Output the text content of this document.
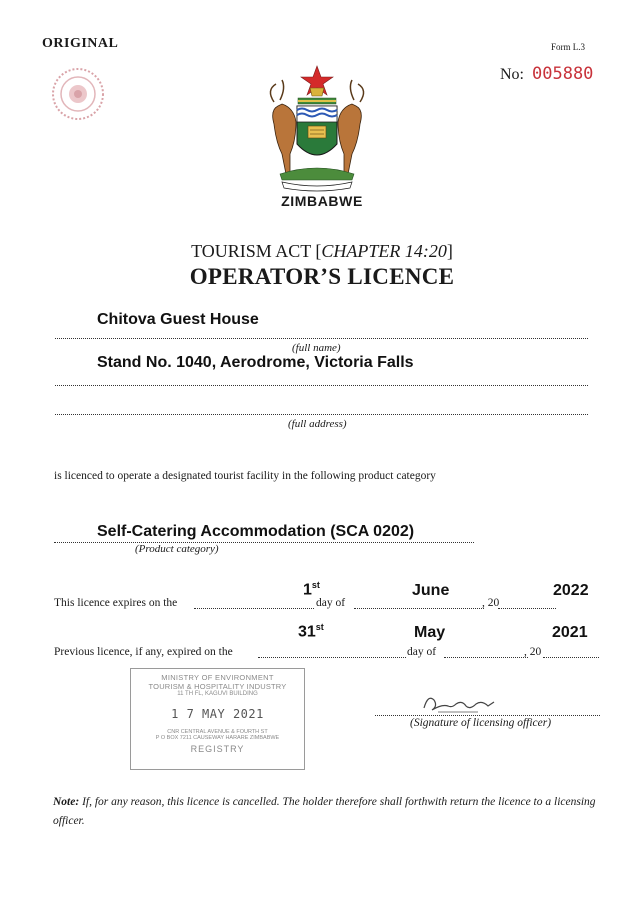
ORIGINAL	Form L.3
No: 005880
ZIMBABWE
TOURISM ACT [CHAPTER 14:20]
OPERATOR’S LICENCE
Chitova Guest House
(full name)
Stand No. 1040, Aerodrome, Victoria Falls
(full address)
is licenced to operate a designated tourist facility in the following product category
Self-Catering Accommodation (SCA 0202)
(Product category)
1st	June	2022
This licence expires on the	day of	, 20
31st	May	2021
Previous licence, if any, expired on the	day of	, 20
MINISTRY OF ENVIRONMENT
TOURISM & HOSPITALITY INDUSTRY
11 TH FL, KAGUVI BUILDING
1 7 MAY 2021
CNR CENTRAL AVENUE & FOURTH ST
P O BOX 7211 CAUSEWAY HARARE ZIMBABWE
REGISTRY
(Signature of licensing officer)
Note: If, for any reason, this licence is cancelled. The holder therefore shall forthwith return the licence to a licensing officer.
